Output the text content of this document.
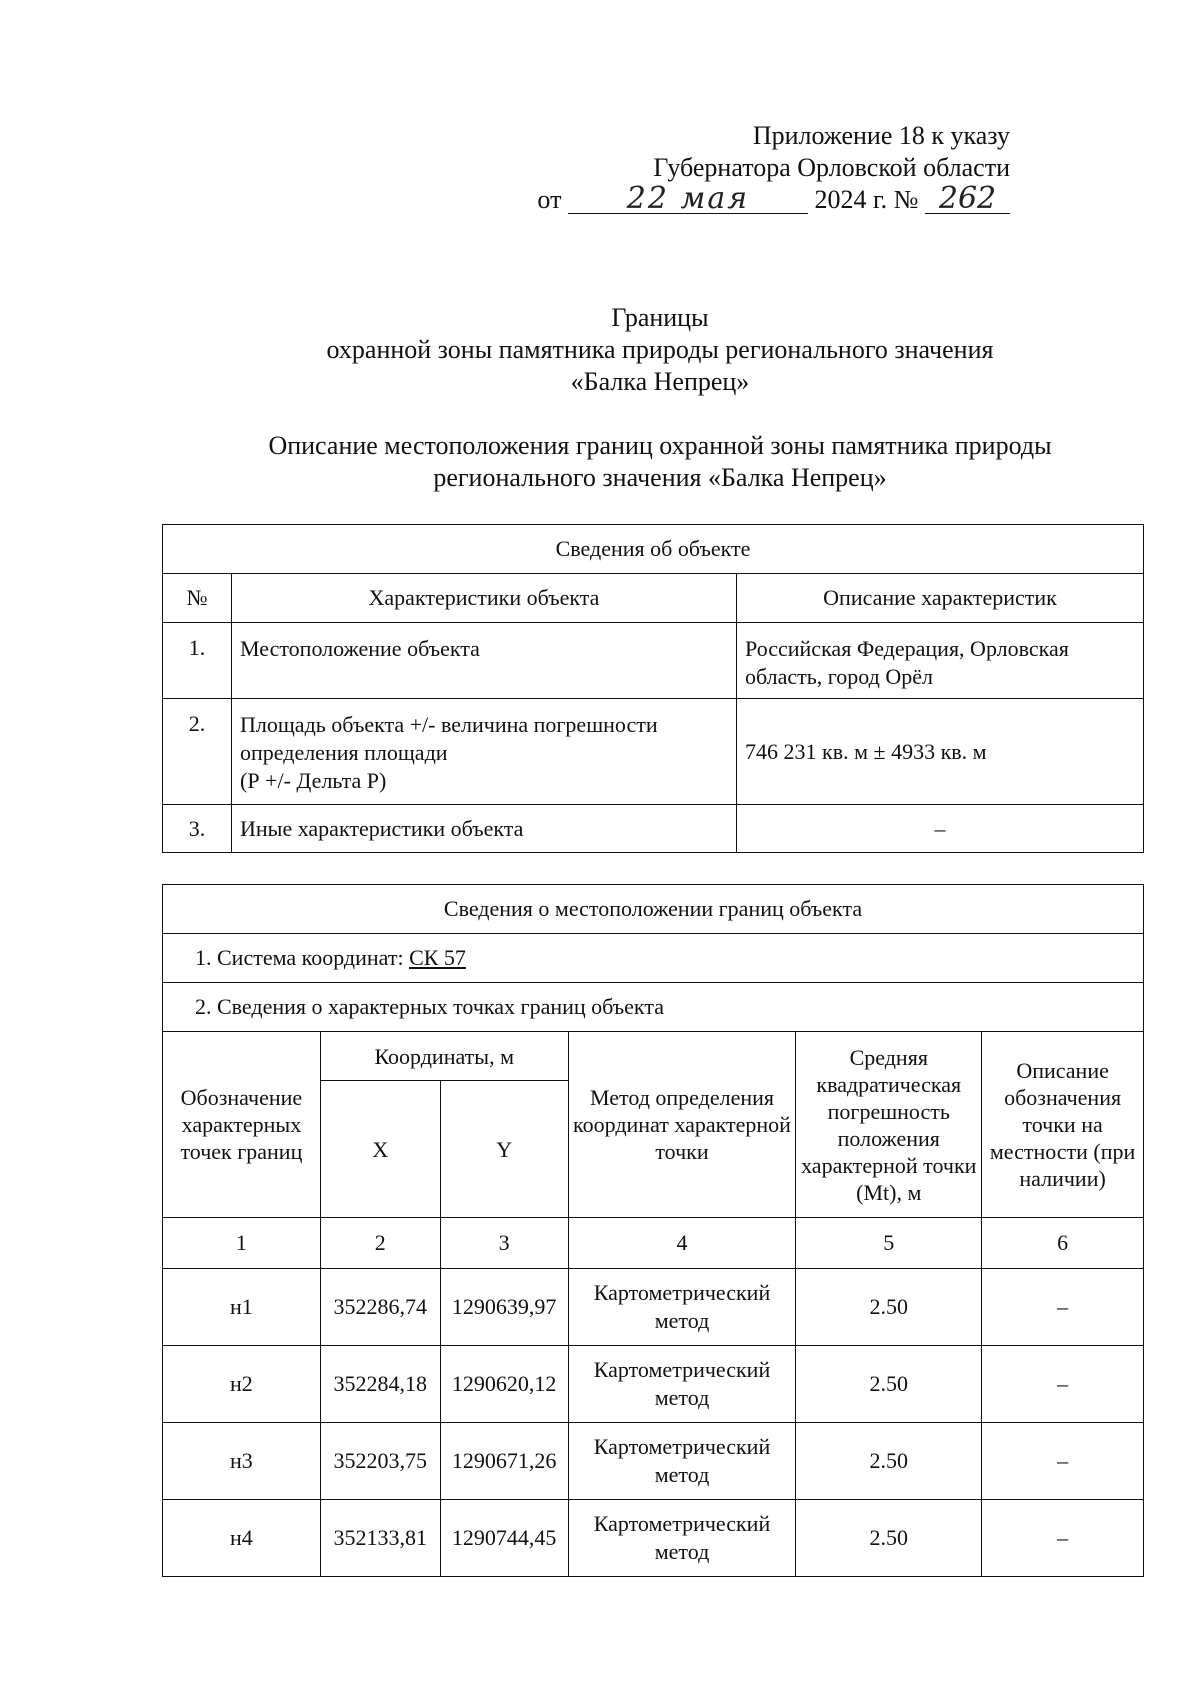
Приложение 18 к указу
Губернатора Орловской области
от 22 мая	2024 г. № 262
Границы
охранной зоны памятника природы регионального значения
«Балка Непрец»
Описание местоположения границ охранной зоны памятника природы
регионального значения «Балка Непрец»
Сведения об объекте		
№	Характеристики объекта	Описание характеристик
1.	Местоположение объекта	Российская Федерация, Орловская область, город Орёл
2.	Площадь объекта +/- величина погрешности
определения площади
(Р +/- Дельта Р)	746 231 кв. м ± 4933 кв. м
3.	Иные характеристики объекта	–
Сведения о местоположении границ объекта					
1. Система координат: СК 57					
2. Сведения о характерных точках границ объекта					
Обозначение характерных точек границ	Координаты, м		Метод определения координат характерной точки	Средняя квадратическая погрешность положения характерной точки (Mt), м	Описание обозначения точки на местности (при наличии)
	X	Y			
1	2	3	4	5	6
н1	352286,74	1290639,97	Картометрический метод	2.50	–
н2	352284,18	1290620,12	Картометрический метод	2.50	–
н3	352203,75	1290671,26	Картометрический метод	2.50	–
н4	352133,81	1290744,45	Картометрический метод	2.50	–
